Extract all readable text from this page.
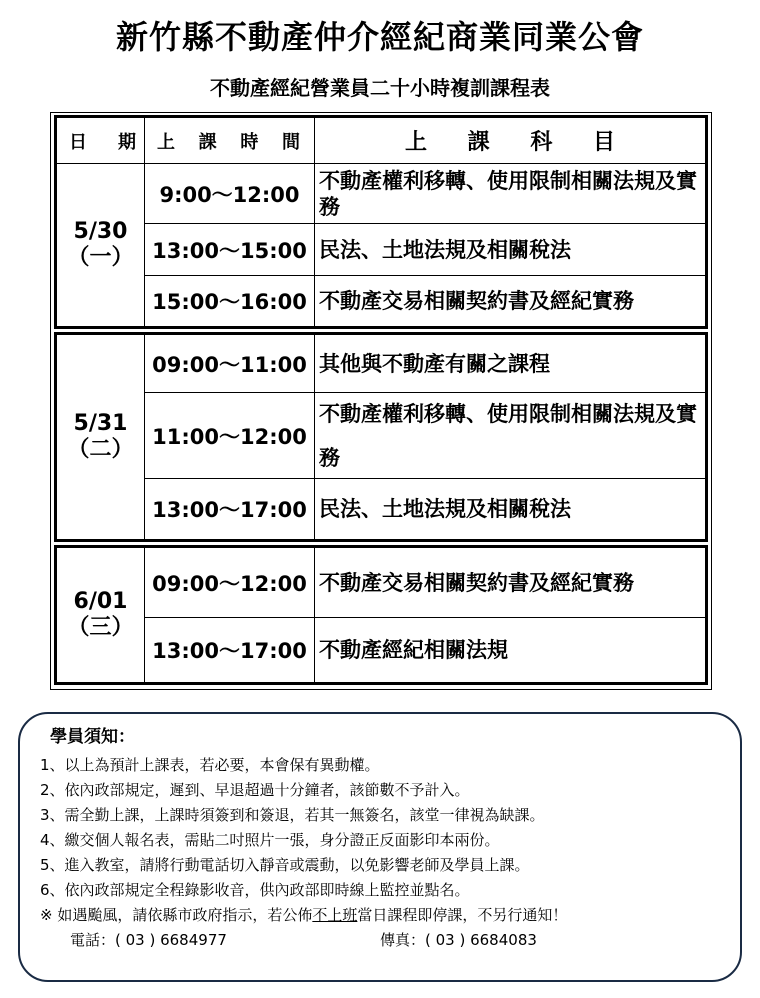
新竹縣不動產仲介經紀商業同業公會
不動產經紀營業員二十小時複訓課程表
日 期 上 課 時 間	上 課 科 目
5/30
（一）
9:00～12:00
不動產權利移轉、使用限制相關法規及實務
13:00～15:00 民法、土地法規及相關稅法
15:00～16:00 不動產交易相關契約書及經紀實務
5/31
（二）
09:00～11:00 其他與不動產有關之課程
11:00～12:00
不動產權利移轉、使用限制相關法規及實務
13:00～17:00 民法、土地法規及相關稅法
6/01
（三）
09:00～12:00 不動產交易相關契約書及經紀實務
13:00～17:00 不動產經紀相關法規
學員須知：
1、以上為預計上課表，若必要，本會保有異動權。
2、依內政部規定，遲到、早退超過十分鐘者，該節數不予計入。
3、需全勤上課，上課時須簽到和簽退，若其一無簽名，該堂一律視為缺課。
4、繳交個人報名表，需貼二吋照片一張，身分證正反面影印本兩份。
5、進入教室，請將行動電話切入靜音或震動，以免影響老師及學員上課。
6、依內政部規定全程錄影收音，供內政部即時線上監控並點名。
※ 如遇颱風，請依縣市政府指示，若公佈不上班當日課程即停課，不另行通知！
電話：( 03 ) 6684977	傳真：( 03 ) 6684083
